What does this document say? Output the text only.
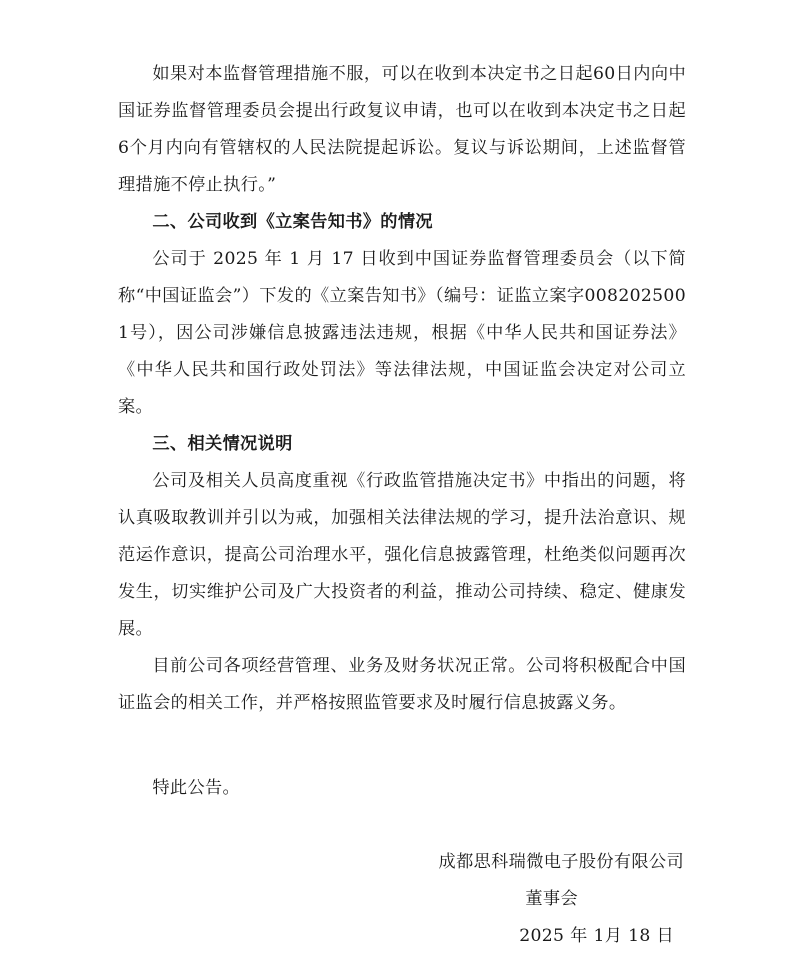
如果对本监督管理措施不服，可以在收到本决定书之日起60日内向中国证券监督管理委员会提出行政复议申请，也可以在收到本决定书之日起6个月内向有管辖权的人民法院提起诉讼。复议与诉讼期间，上述监督管理措施不停止执行。”

二、公司收到《立案告知书》的情况

公司于 2025 年 1 月 17 日收到中国证券监督管理委员会（以下简称“中国证监会”）下发的《立案告知书》（编号：证监立案字0082025001号），因公司涉嫌信息披露违法违规，根据《中华人民共和国证券法》《中华人民共和国行政处罚法》等法律法规，中国证监会决定对公司立案。

三、相关情况说明

公司及相关人员高度重视《行政监管措施决定书》中指出的问题，将认真吸取教训并引以为戒，加强相关法律法规的学习，提升法治意识、规范运作意识，提高公司治理水平，强化信息披露管理，杜绝类似问题再次发生，切实维护公司及广大投资者的利益，推动公司持续、稳定、健康发展。

目前公司各项经营管理、业务及财务状况正常。公司将积极配合中国证监会的相关工作，并严格按照监管要求及时履行信息披露义务。

特此公告。

成都思科瑞微电子股份有限公司

董事会

2025 年 1月 18 日
